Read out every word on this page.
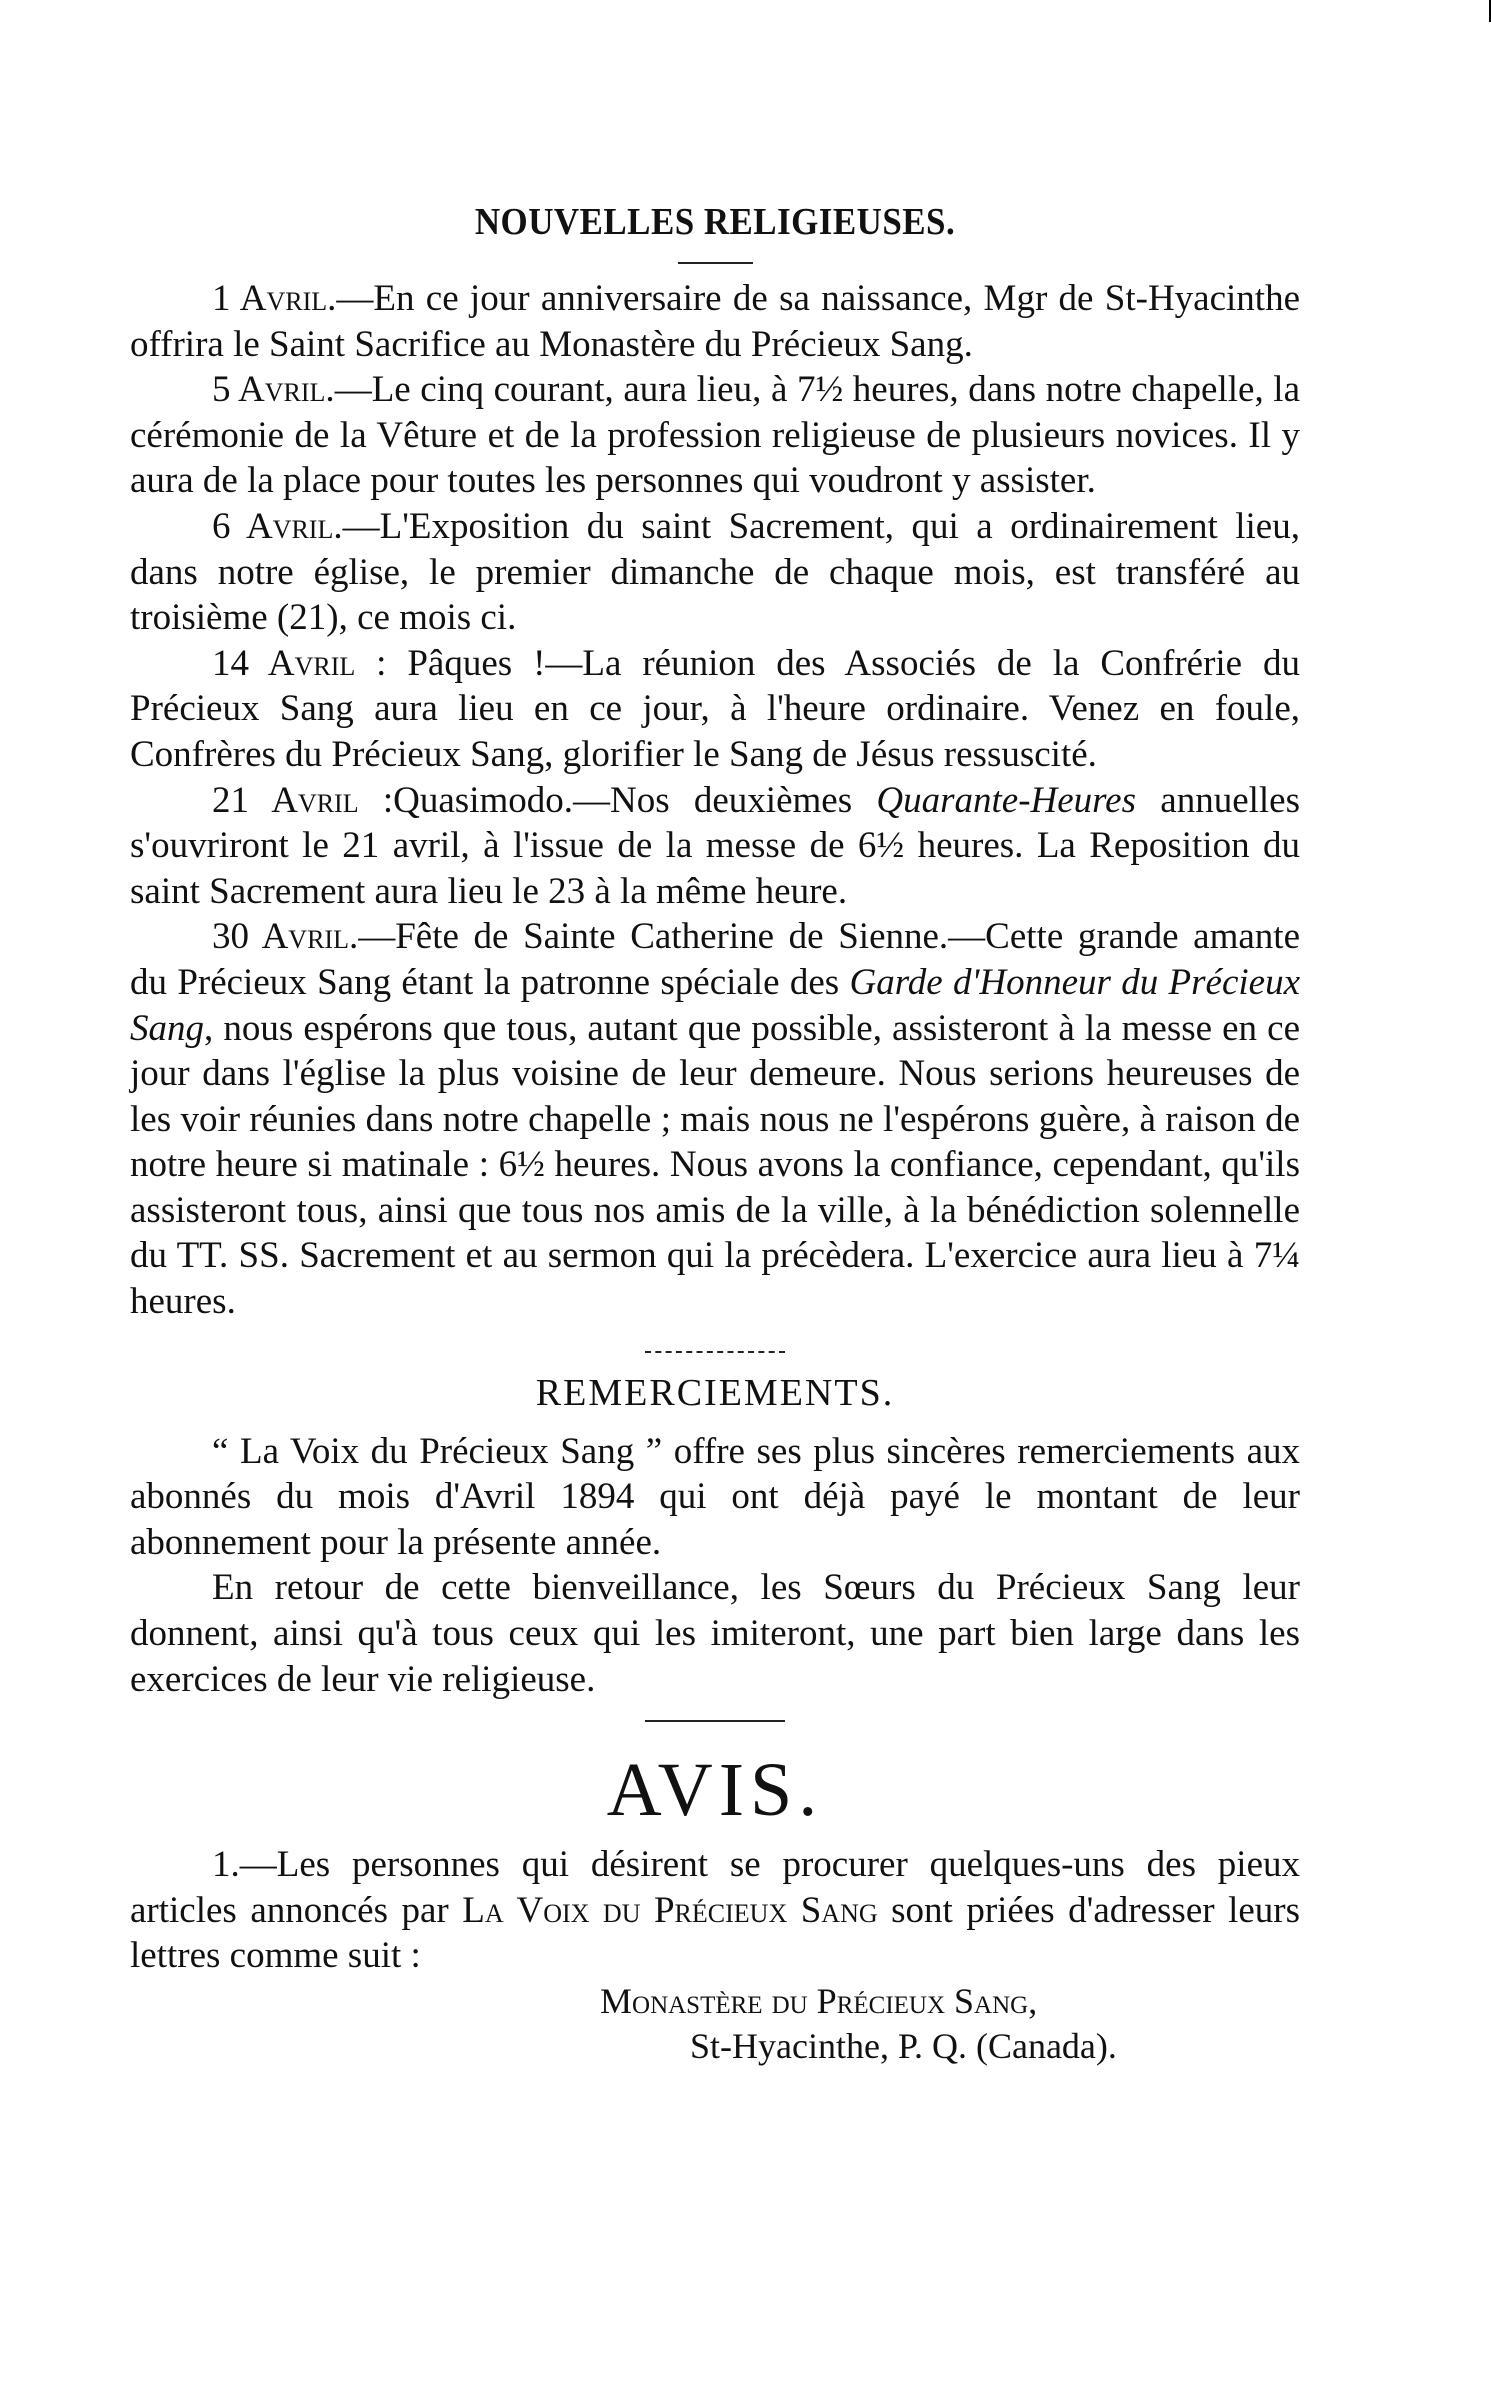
NOUVELLES RELIGIEUSES.

1 Avril.—En ce jour anniversaire de sa naissance, Mgr de St-Hyacinthe offrira le Saint Sacrifice au Monastère du Précieux Sang.

5 Avril.—Le cinq courant, aura lieu, à 7½ heures, dans notre chapelle, la cérémonie de la Vêture et de la profession religieuse de plusieurs novices. Il y aura de la place pour toutes les personnes qui voudront y assister.

6 Avril.—L'Exposition du saint Sacrement, qui a ordinairement lieu, dans notre église, le premier dimanche de chaque mois, est transféré au troisième (21), ce mois ci.

14 Avril : Pâques !—La réunion des Associés de la Confrérie du Précieux Sang aura lieu en ce jour, à l'heure ordinaire. Venez en foule, Confrères du Précieux Sang, glorifier le Sang de Jésus ressuscité.

21 Avril :Quasimodo.—Nos deuxièmes Quarante-Heures annuelles s'ouvriront le 21 avril, à l'issue de la messe de 6½ heures. La Reposition du saint Sacrement aura lieu le 23 à la même heure.

30 Avril.—Fête de Sainte Catherine de Sienne.—Cette grande amante du Précieux Sang étant la patronne spéciale des Garde d'Honneur du Précieux Sang, nous espérons que tous, autant que possible, assisteront à la messe en ce jour dans l'église la plus voisine de leur demeure. Nous serions heureuses de les voir réunies dans notre chapelle ; mais nous ne l'espérons guère, à raison de notre heure si matinale : 6½ heures. Nous avons la confiance, cependant, qu'ils assisteront tous, ainsi que tous nos amis de la ville, à la bénédiction solennelle du TT. SS. Sacrement et au sermon qui la précèdera. L'exercice aura lieu à 7¼ heures.

REMERCIEMENTS.

“ La Voix du Précieux Sang ” offre ses plus sincères remerciements aux abonnés du mois d'Avril 1894 qui ont déjà payé le montant de leur abonnement pour la présente année.

En retour de cette bienveillance, les Sœurs du Précieux Sang leur donnent, ainsi qu'à tous ceux qui les imiteront, une part bien large dans les exercices de leur vie religieuse.

AVIS.

1.—Les personnes qui désirent se procurer quelques-uns des pieux articles annoncés par La Voix du Précieux Sang sont priées d'adresser leurs lettres comme suit :

Monastère du Précieux Sang,
St-Hyacinthe, P. Q. (Canada).
